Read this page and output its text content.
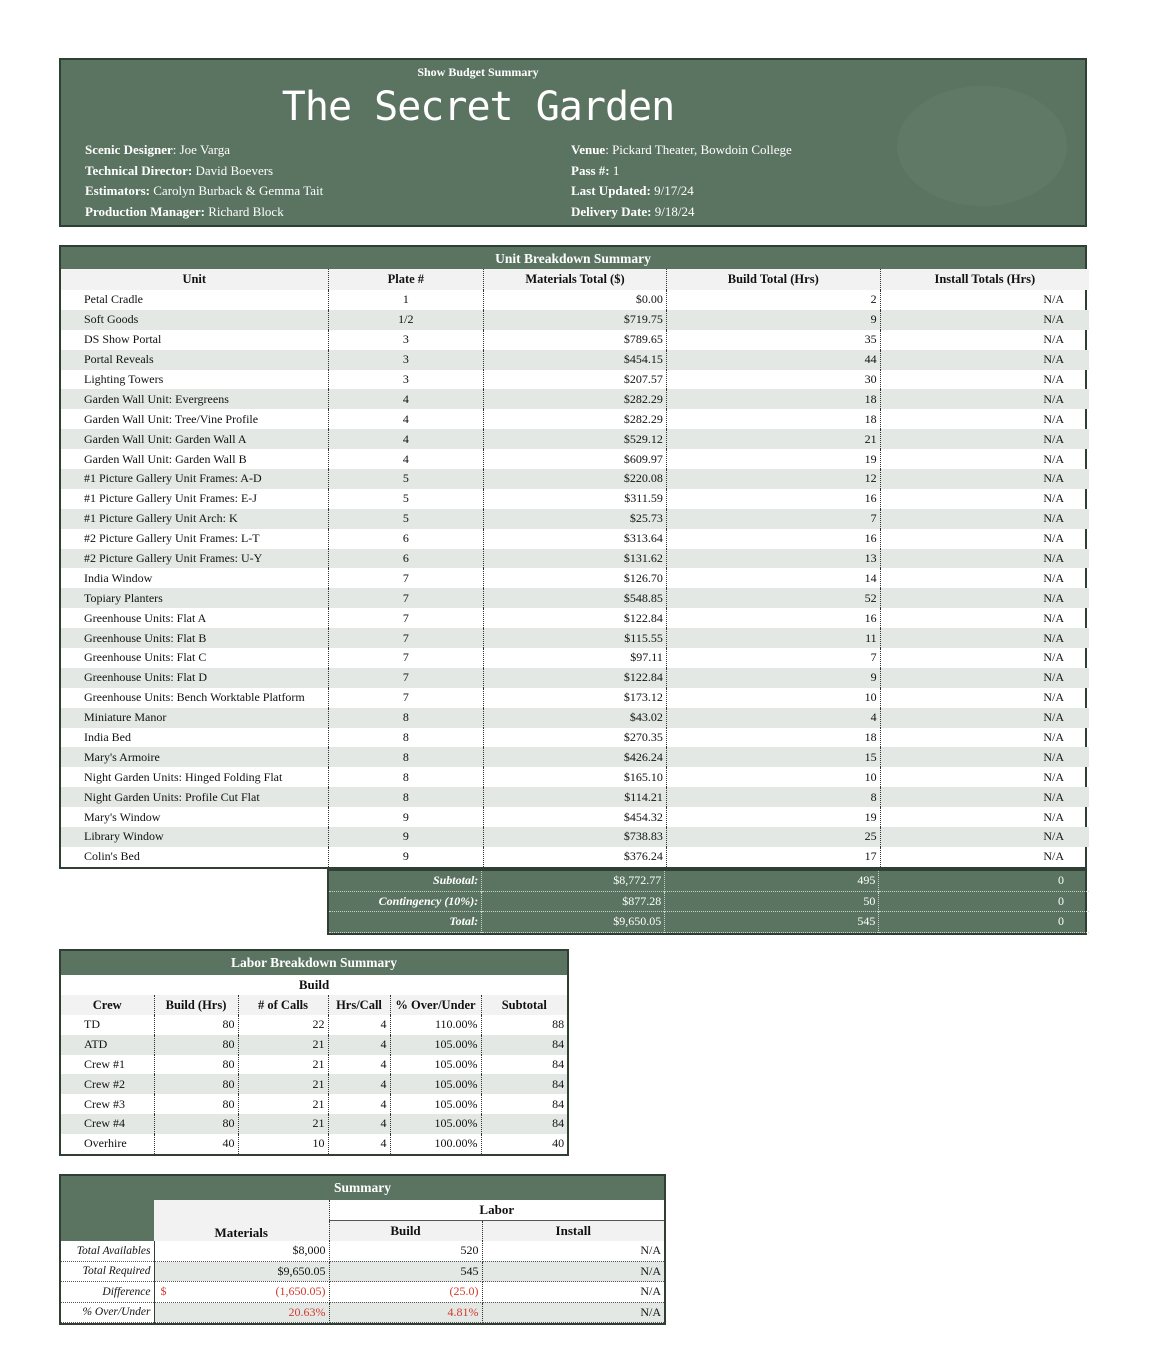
Show Budget Summary
The Secret Garden
Scenic Designer: Joe Varga
Technical Director: David Boevers
Estimators: Carolyn Burback & Gemma Tait
Production Manager: Richard Block
Venue: Pickard Theater, Bowdoin College
Pass #: 1
Last Updated: 9/17/24
Delivery Date: 9/18/24
Unit Breakdown Summary
Unit	Plate #	Materials Total ($)	Build Total (Hrs)	Install Totals (Hrs)
Petal Cradle	1	$0.00	2	N/A
Soft Goods	1/2	$719.75	9	N/A
DS Show Portal	3	$789.65	35	N/A
Portal Reveals	3	$454.15	44	N/A
Lighting Towers	3	$207.57	30	N/A
Garden Wall Unit: Evergreens	4	$282.29	18	N/A
Garden Wall Unit: Tree/Vine Profile	4	$282.29	18	N/A
Garden Wall Unit: Garden Wall A	4	$529.12	21	N/A
Garden Wall Unit: Garden Wall B	4	$609.97	19	N/A
#1 Picture Gallery Unit Frames: A-D	5	$220.08	12	N/A
#1 Picture Gallery Unit Frames: E-J	5	$311.59	16	N/A
#1 Picture Gallery Unit Arch: K	5	$25.73	7	N/A
#2 Picture Gallery Unit Frames: L-T	6	$313.64	16	N/A
#2 Picture Gallery Unit Frames: U-Y	6	$131.62	13	N/A
India Window	7	$126.70	14	N/A
Topiary Planters	7	$548.85	52	N/A
Greenhouse Units: Flat A	7	$122.84	16	N/A
Greenhouse Units: Flat B	7	$115.55	11	N/A
Greenhouse Units: Flat C	7	$97.11	7	N/A
Greenhouse Units: Flat D	7	$122.84	9	N/A
Greenhouse Units: Bench Worktable Platform	7	$173.12	10	N/A
Miniature Manor	8	$43.02	4	N/A
India Bed	8	$270.35	18	N/A
Mary's Armoire	8	$426.24	15	N/A
Night Garden Units: Hinged Folding Flat	8	$165.10	10	N/A
Night Garden Units: Profile Cut Flat	8	$114.21	8	N/A
Mary's Window	9	$454.32	19	N/A
Library Window	9	$738.83	25	N/A
Colin's Bed	9	$376.24	17	N/A
Subtotal:	$8,772.77	495	0
Contingency (10%):	$877.28	50	0
Total:	$9,650.05	545	0
Labor Breakdown Summary
Build					
Crew	Build (Hrs)	# of Calls	Hrs/Call	% Over/Under	Subtotal
TD	80	22	4	110.00%	88
ATD	80	21	4	105.00%	84
Crew #1	80	21	4	105.00%	84
Crew #2	80	21	4	105.00%	84
Crew #3	80	21	4	105.00%	84
Crew #4	80	21	4	105.00%	84
Overhire	40	10	4	100.00%	40
Summary
	Materials	Labor	
		Build	Install
Total Availables	$8,000	520	N/A
Total Required	$9,650.05	545	N/A
Difference	$ (1,650.05)	(25.0)	N/A
% Over/Under	20.63%	4.81%	N/A
